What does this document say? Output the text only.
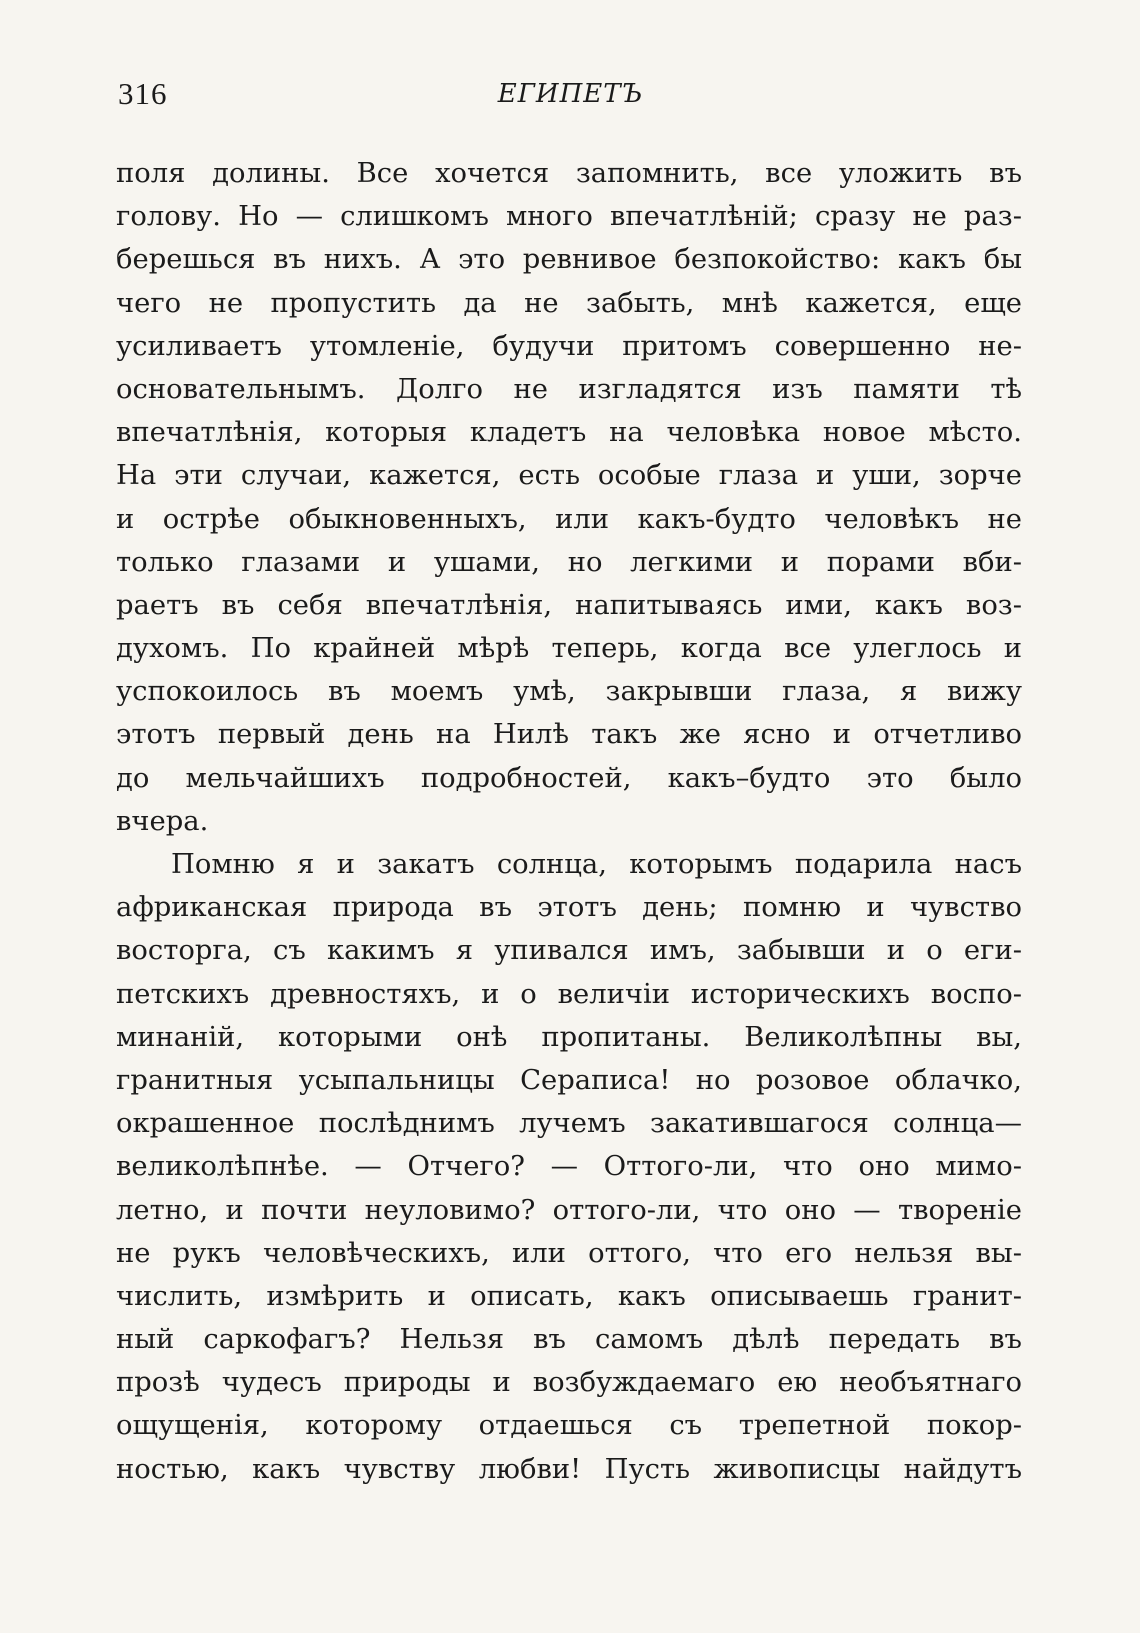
316	ЕГИПЕТЪ
поля долины. Все хочется запомнить, все уложить въ
голову. Но — слишкомъ много впечатлѣній; сразу не раз-
берешься въ нихъ. А это ревнивое безпокойство: какъ бы
чего не пропустить да не забыть, мнѣ кажется, еще
усиливаетъ утомленіе, будучи притомъ совершенно не-
основательнымъ. Долго не изгладятся изъ памяти тѣ
впечатлѣнія, которыя кладетъ на человѣка новое мѣсто.
На эти случаи, кажется, есть особые глаза и уши, зорче
и острѣе обыкновенныхъ, или какъ-будто человѣкъ не
только глазами и ушами, но легкими и порами вби-
раетъ въ себя впечатлѣнія, напитываясь ими, какъ воз-
духомъ. По крайней мѣрѣ теперь, когда все улеглось и
успокоилось въ моемъ умѣ, закрывши глаза, я вижу
этотъ первый день на Нилѣ такъ же ясно и отчетливо
до мельчайшихъ подробностей, какъ–будто это было
вчера.
Помню я и закатъ солнца, которымъ подарила насъ
африканская природа въ этотъ день; помню и чувство
восторга, съ какимъ я упивался имъ, забывши и о еги-
петскихъ древностяхъ, и о величіи историческихъ воспо-
минаній, которыми онѣ пропитаны. Великолѣпны вы,
гранитныя усыпальницы Сераписа! но розовое облачко,
окрашенное послѣднимъ лучемъ закатившагося солнца—
великолѣпнѣе. — Отчего? — Оттого-ли, что оно мимо-
летно, и почти неуловимо? оттого-ли, что оно — твореніе
не рукъ человѣческихъ, или оттого, что его нельзя вы-
числить, измѣрить и описать, какъ описываешь гранит-
ный саркофагъ? Нельзя въ самомъ дѣлѣ передать въ
прозѣ чудесъ природы и возбуждаемаго ею необъятнаго
ощущенія, которому отдаешься съ трепетной покор-
ностью, какъ чувству любви! Пусть живописцы найдутъ
